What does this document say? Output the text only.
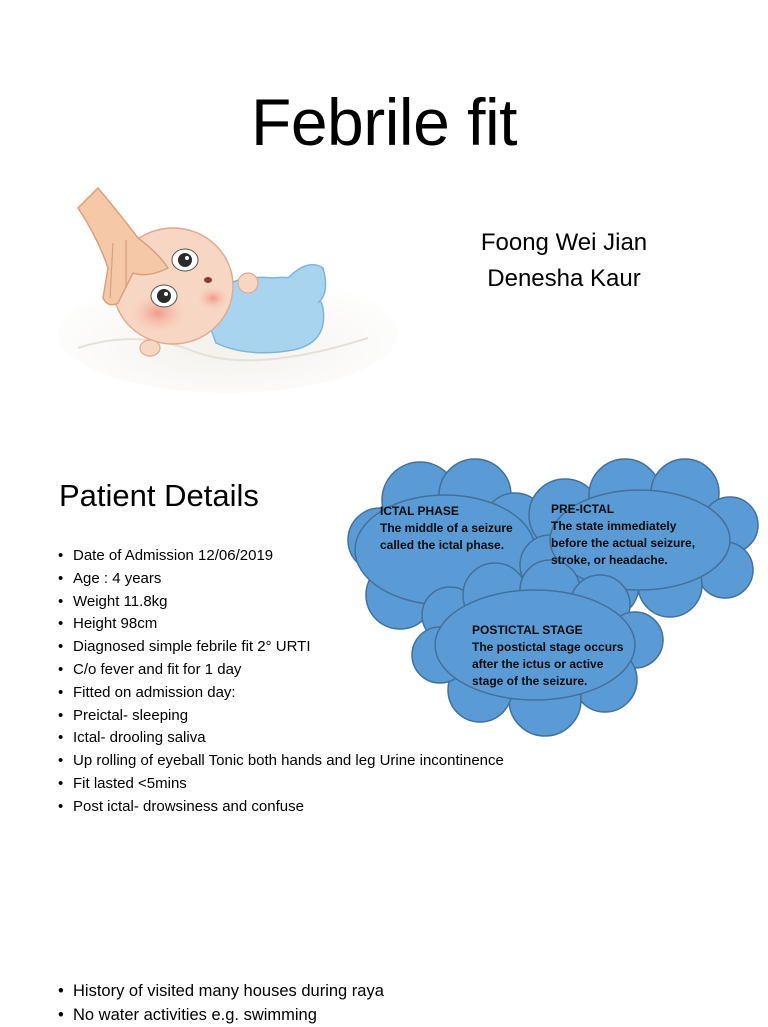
Febrile fit
Foong Wei Jian
Denesha Kaur
Patient Details
• Date of Admission 12/06/2019
• Age : 4 years
• Weight 11.8kg
• Height 98cm
• Diagnosed simple febrile fit 2° URTI
• C/o fever and fit for 1 day
• Fitted on admission day:
• Preictal- sleeping
• Ictal- drooling saliva
• Up rolling of eyeball Tonic both hands and leg Urine incontinence
• Fit lasted <5mins
• Post ictal- drowsiness and confuse
ICTAL PHASE
The middle of a seizure
called the ictal phase.
PRE-ICTAL
The state immediately
before the actual seizure,
stroke, or headache.
POSTICTAL STAGE
The postictal stage occurs
after the ictus or active
stage of the seizure.
• History of visited many houses during raya
• No water activities e.g. swimming
